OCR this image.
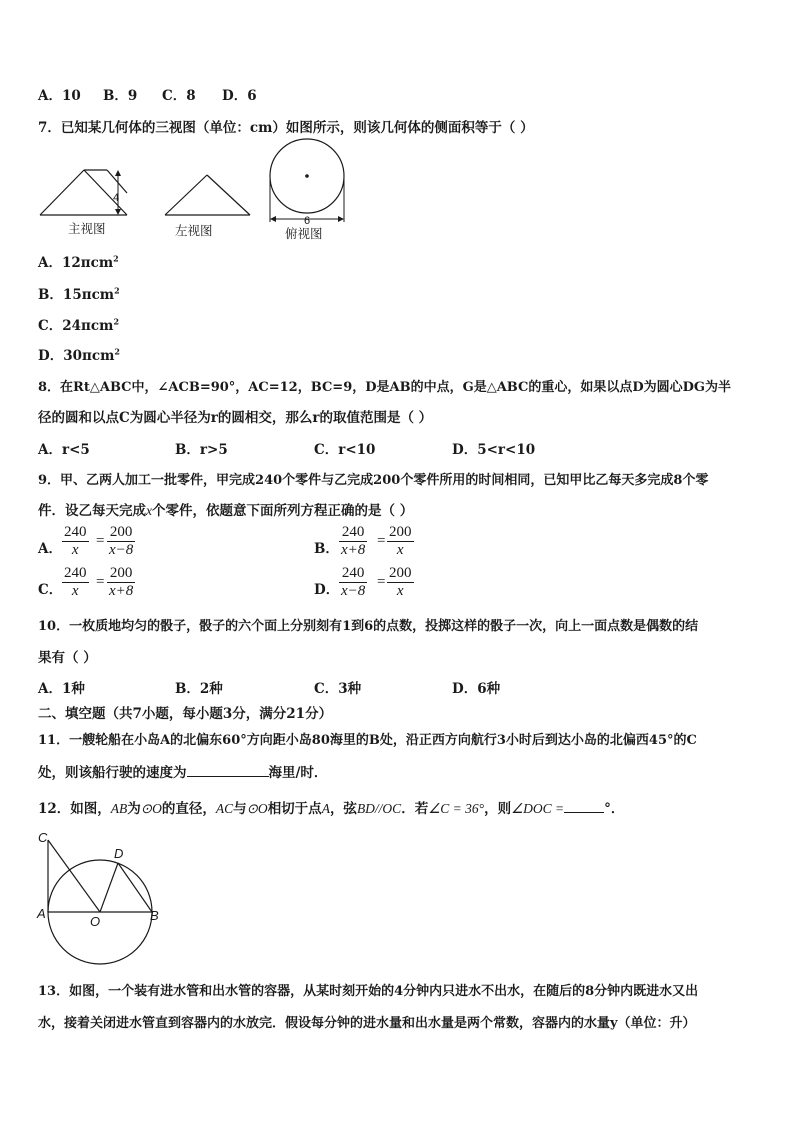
A．10 B．9 C．8 D．6
7．已知某几何体的三视图（单位：cm）如图所示，则该几何体的侧面积等于（ ）
4
主视图	左视图
6
俯视图
A．12πcm$^2$
B．15πcm$^2$
C．24πcm$^2$
D．30πcm$^2$
8．在Rt△ABC中，∠ACB=90°，AC=12，BC=9，D是AB的中点，G是△ABC的重心，如果以点D为圆心DG为半
径的圆和以点C为圆心半径为r的圆相交，那么r的取值范围是（ ）
A．r<5	B．r>5	C．r<10	D．5<r<10
9．甲、乙两人加工一批零件，甲完成240个零件与乙完成200个零件所用的时间相同，已知甲比乙每天多完成8个零
件．设乙每天完成x个零件，依题意下面所列方程正确的是（ ）
A． $\frac{240}{x} = \frac{200}{x-8}$	B． $\frac{240}{x+8} = \frac{200}{x}$
C． $\frac{240}{x} = \frac{200}{x+8}$	D． $\frac{240}{x-8} = \frac{200}{x}$
10．一枚质地均匀的骰子，骰子的六个面上分别刻有1到6的点数，投掷这样的骰子一次，向上一面点数是偶数的结
果有（ ）
A．1种	B．2种	C．3种	D．6种
二、填空题（共7小题，每小题3分，满分21分）
11．一艘轮船在小岛A的北偏东60°方向距小岛80海里的B处，沿正西方向航行3小时后到达小岛的北偏西45°的C
处，则该船行驶的速度为	海里/时．
12．如图，AB为⊙O的直径，AC与⊙O相切于点A，弦BD//OC．若∠C = 36°，则∠DOC =	°．
C
D
A
O	B
13．如图，一个装有进水管和出水管的容器，从某时刻开始的4分钟内只进水不出水，在随后的8分钟内既进水又出
水，接着关闭进水管直到容器内的水放完．假设每分钟的进水量和出水量是两个常数，容器内的水量y（单位：升）
